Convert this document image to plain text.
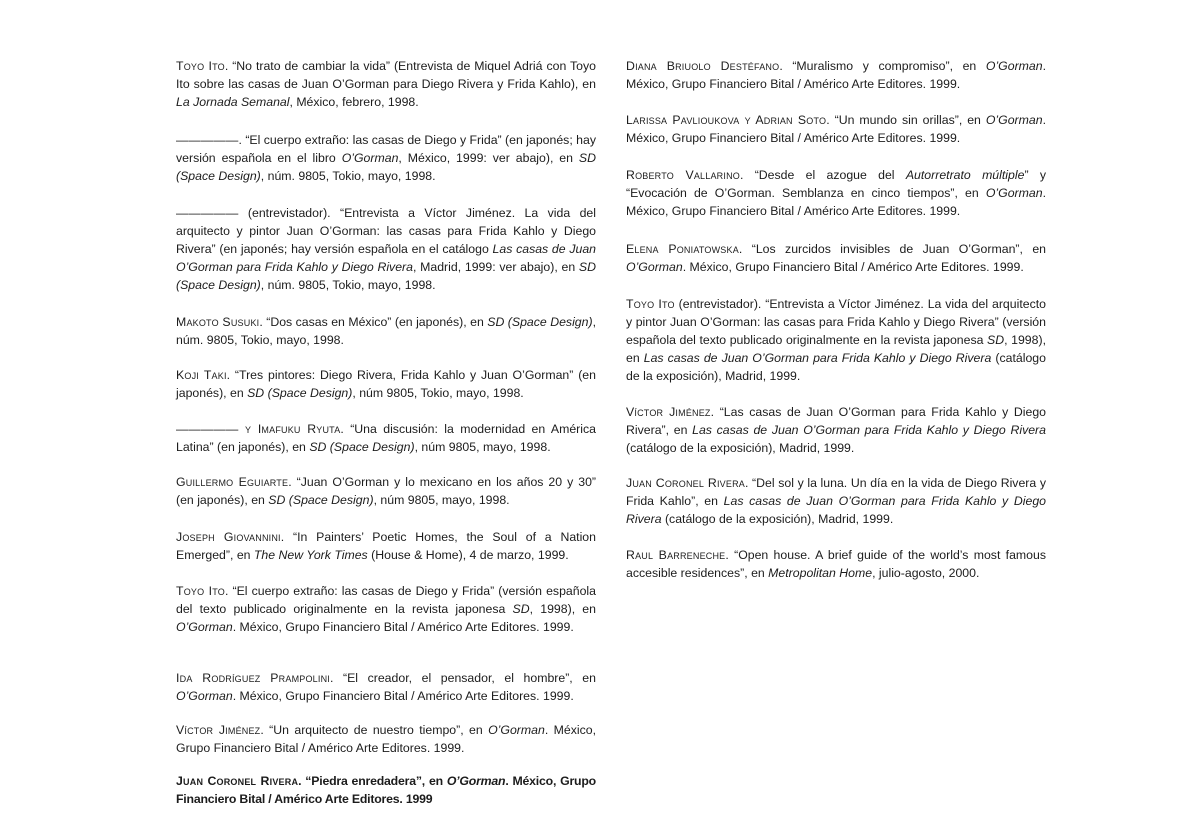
Toyo Ito. “No trato de cambiar la vida” (Entrevista de Miquel Adriá con Toyo Ito sobre las casas de Juan O’Gorman para Diego Rivera y Frida Kahlo), en La Jornada Semanal, México, febrero, 1998.

—————. “El cuerpo extraño: las casas de Diego y Frida” (en japonés; hay versión española en el libro O’Gorman, México, 1999: ver abajo), en SD (Space Design), núm. 9805, Tokio, mayo, 1998.

————— (entrevistador). “Entrevista a Víctor Jiménez. La vida del arquitecto y pintor Juan O’Gorman: las casas para Frida Kahlo y Diego Rivera” (en japonés; hay versión española en el catálogo Las casas de Juan O’Gorman para Frida Kahlo y Diego Rivera, Madrid, 1999: ver abajo), en SD (Space Design), núm. 9805, Tokio, mayo, 1998.

Makoto Susuki. “Dos casas en México” (en japonés), en SD (Space Design), núm. 9805, Tokio, mayo, 1998.

Koji Taki. “Tres pintores: Diego Rivera, Frida Kahlo y Juan O’Gorman” (en japonés), en SD (Space Design), núm 9805, Tokio, mayo, 1998.

————— y Imafuku Ryuta. “Una discusión: la modernidad en América Latina” (en japonés), en SD (Space Design), núm 9805, mayo, 1998.

Guillermo Eguiarte. “Juan O’Gorman y lo mexicano en los años 20 y 30” (en japonés), en SD (Space Design), núm 9805, mayo, 1998.

Joseph Giovannini. “In Painters’ Poetic Homes, the Soul of a Nation Emerged”, en The New York Times (House & Home), 4 de marzo, 1999.

Toyo Ito. “El cuerpo extraño: las casas de Diego y Frida” (versión española del texto publicado originalmente en la revista japonesa SD, 1998), en O’Gorman. México, Grupo Financiero Bital / Américo Arte Editores. 1999.

Ida Rodríguez Prampolini. “El creador, el pensador, el hombre”, en O’Gorman. México, Grupo Financiero Bital / Américo Arte Editores. 1999.

Víctor Jiménez. “Un arquitecto de nuestro tiempo”, en O’Gorman. México, Grupo Financiero Bital / Américo Arte Editores. 1999.

Juan Coronel Rivera. “Piedra enredadera”, en O’Gorman. México, Grupo Financiero Bital / Américo Arte Editores. 1999

Diana Briuolo Destéfano. “Muralismo y compromiso”, en O’Gorman. México, Grupo Financiero Bital / Américo Arte Editores. 1999.

Larissa Pavlioukova y Adrian Soto. “Un mundo sin orillas”, en O’Gorman. México, Grupo Financiero Bital / Américo Arte Editores. 1999.

Roberto Vallarino. “Desde el azogue del Autorretrato múltiple” y “Evocación de O’Gorman. Semblanza en cinco tiempos”, en O’Gorman. México, Grupo Financiero Bital / Américo Arte Editores. 1999.

Elena Poniatowska. “Los zurcidos invisibles de Juan O’Gorman”, en O’Gorman. México, Grupo Financiero Bital / Américo Arte Editores. 1999.

Toyo Ito (entrevistador). “Entrevista a Víctor Jiménez. La vida del arquitecto y pintor Juan O’Gorman: las casas para Frida Kahlo y Diego Rivera” (versión española del texto publicado originalmente en la revista japonesa SD, 1998), en Las casas de Juan O’Gorman para Frida Kahlo y Diego Rivera (catálogo de la exposición), Madrid, 1999.

Víctor Jiménez. “Las casas de Juan O’Gorman para Frida Kahlo y Diego Rivera”, en Las casas de Juan O’Gorman para Frida Kahlo y Diego Rivera (catálogo de la exposición), Madrid, 1999.

Juan Coronel Rivera. “Del sol y la luna. Un día en la vida de Diego Rivera y Frida Kahlo”, en Las casas de Juan O’Gorman para Frida Kahlo y Diego Rivera (catálogo de la exposición), Madrid, 1999.

Raul Barreneche. “Open house. A brief guide of the world’s most famous accesible residences”, en Metropolitan Home, julio-agosto, 2000.
